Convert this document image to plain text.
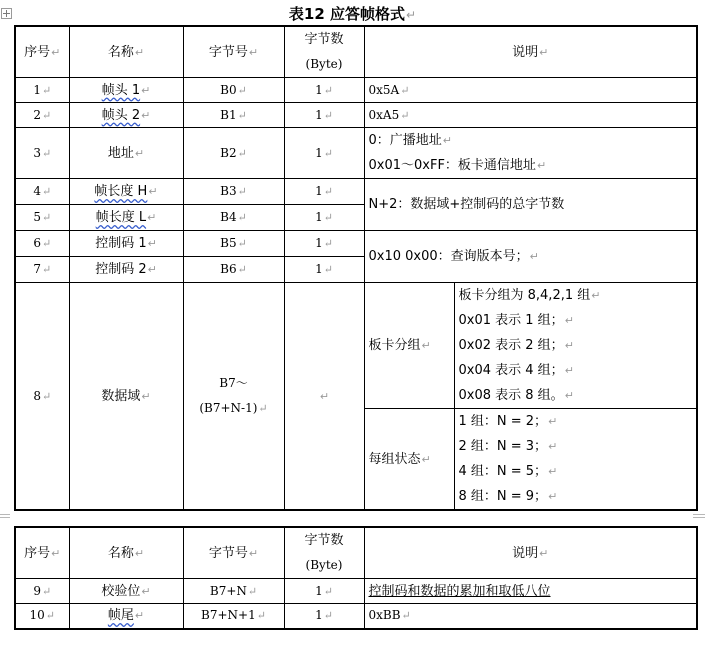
表12 应答帧格式↵
序号↵	名称↵	字节号↵	字节数
(Byte)	说明↵	
1↵	帧头 1↵	B0↵	1↵	0x5A↵	
2↵	帧头 2↵	B1↵	1↵	0xA5↵	
3↵	地址↵	B2↵	1↵	0：广播地址↵
0x01～0xFF：板卡通信地址↵	

4↵	帧长度 H↵	B3↵	1↵	N+2：数据域+控制码的总字节数	
5↵	帧长度 L↵	B4↵	1↵		
6↵	控制码 1↵	B5↵	1↵	0x10 0x00：查询版本号；↵	
7↵	控制码 2↵	B6↵	1↵		
8↵	数据域↵	B7～
(B7+N-1)↵	↵	板卡分组↵	板卡分组为 8,4,2,1 组↵
0x01 表示 1 组；↵
0x02 表示 2 组；↵
0x04 表示 4 组；↵
0x08 表示 8 组。↵

				每组状态↵	1 组：N = 2；↵
2 组：N = 3；↵
4 组：N = 5；↵
8 组：N = 9；↵
序号↵	名称↵	字节号↵	字节数
(Byte)	说明↵
9↵	校验位↵	B7+N↵	1↵	控制码和数据的累加和取低八位
10↵	帧尾↵	B7+N+1↵	1↵	0xBB↵
